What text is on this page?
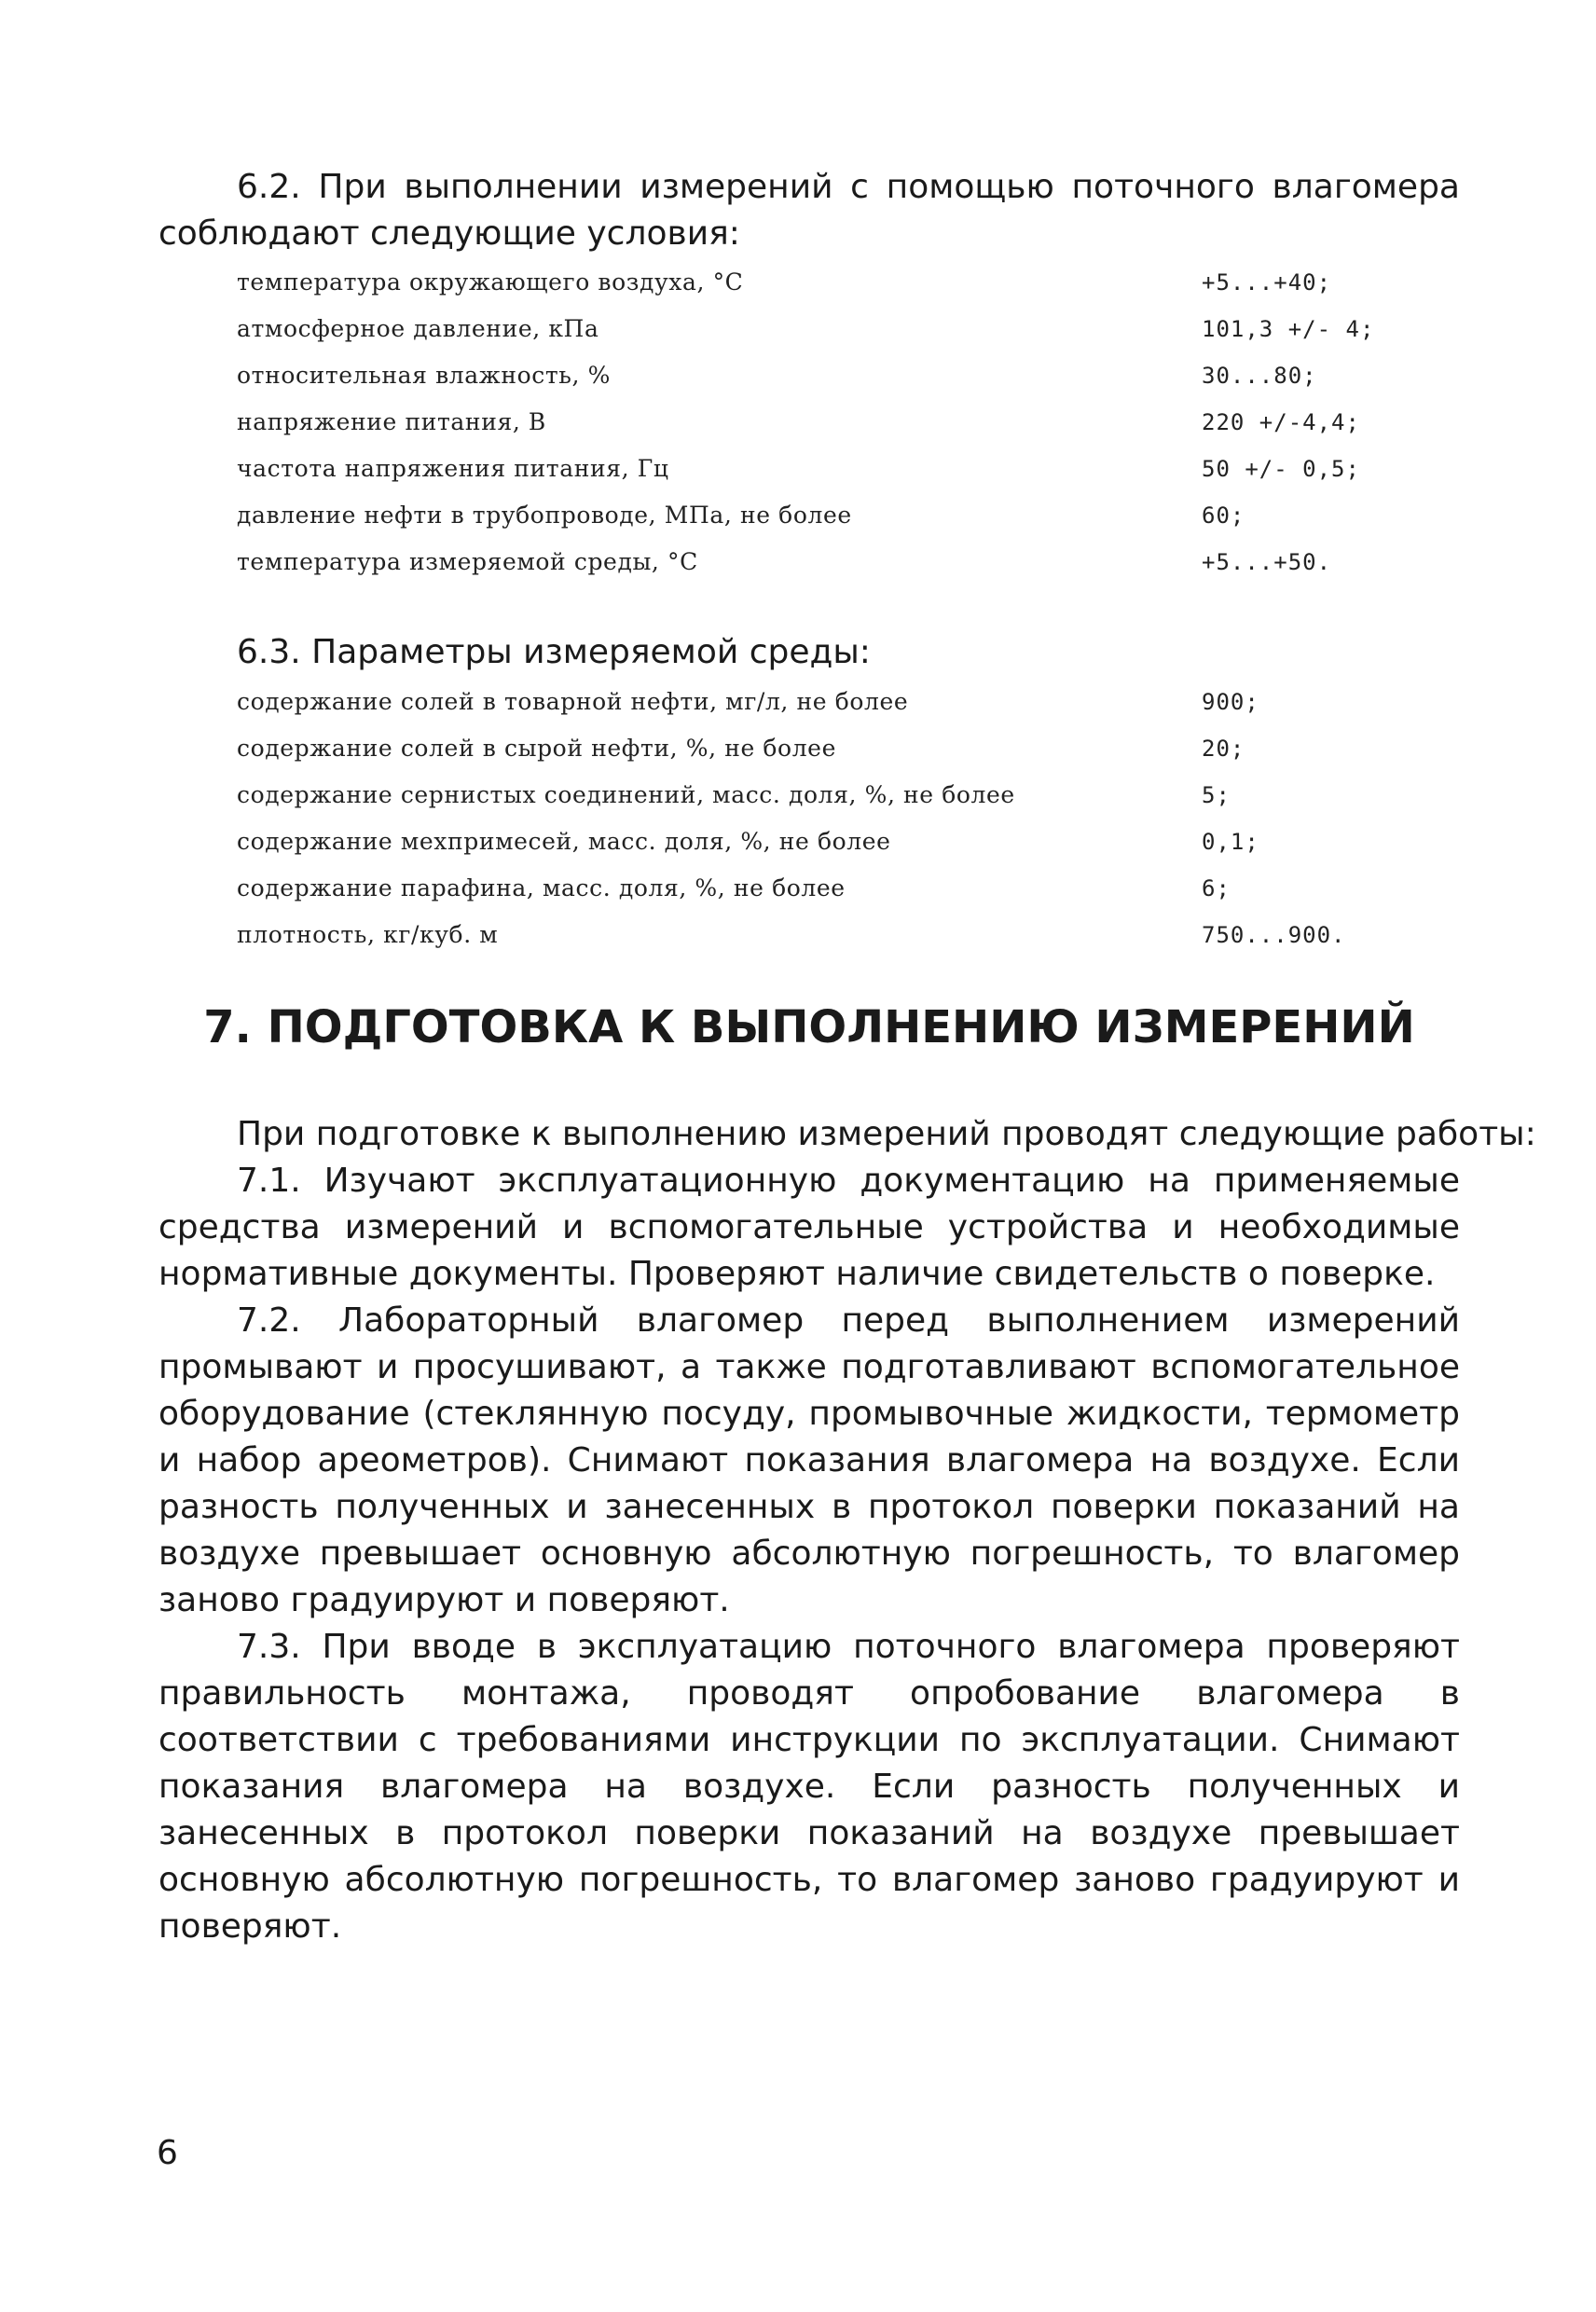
6.2. При выполнении измерений с помощью поточного влагомера соблюдают следующие условия:

температура окружающего воздуха, °С	+5...+40;
атмосферное давление, кПа	101,3 +/- 4;
относительная влажность, %	30...80;
напряжение питания, В	220 +/-4,4;
частота напряжения питания, Гц	50 +/- 0,5;
давление нефти в трубопроводе, МПа, не более	60;
температура измеряемой среды, °С	+5...+50.

6.3. Параметры измеряемой среды:

содержание солей в товарной нефти, мг/л, не более	900;
содержание солей в сырой нефти, %, не более	20;
содержание сернистых соединений, масс. доля, %, не более	5;
содержание мехпримесей, масс. доля, %, не более	0,1;
содержание парафина, масс. доля, %, не более	6;
плотность, кг/куб. м	750...900.
7. ПОДГОТОВКА К ВЫПОЛНЕНИЮ ИЗМЕРЕНИЙ

При подготовке к выполнению измерений проводят следующие работы:

7.1. Изучают эксплуатационную документацию на применяемые средства измерений и вспомогательные устройства и необходимые нормативные документы. Проверяют наличие свидетельств о поверке.

7.2. Лабораторный влагомер перед выполнением измерений промывают и просушивают, а также подготавливают вспомогательное оборудование (стеклянную посуду, промывочные жидкости, термометр и набор ареометров). Снимают показания влагомера на воздухе. Если разность полученных и занесенных в протокол поверки показаний на воздухе превышает основную абсолютную погрешность, то влагомер заново градуируют и поверяют.

7.3. При вводе в эксплуатацию поточного влагомера проверяют правильность монтажа, проводят опробование влагомера в соответствии с требованиями инструкции по эксплуатации. Снимают показания влагомера на воздухе. Если разность полученных и занесенных в протокол поверки показаний на воздухе превышает основную абсолютную погрешность, то влагомер заново градуируют и поверяют.

6
